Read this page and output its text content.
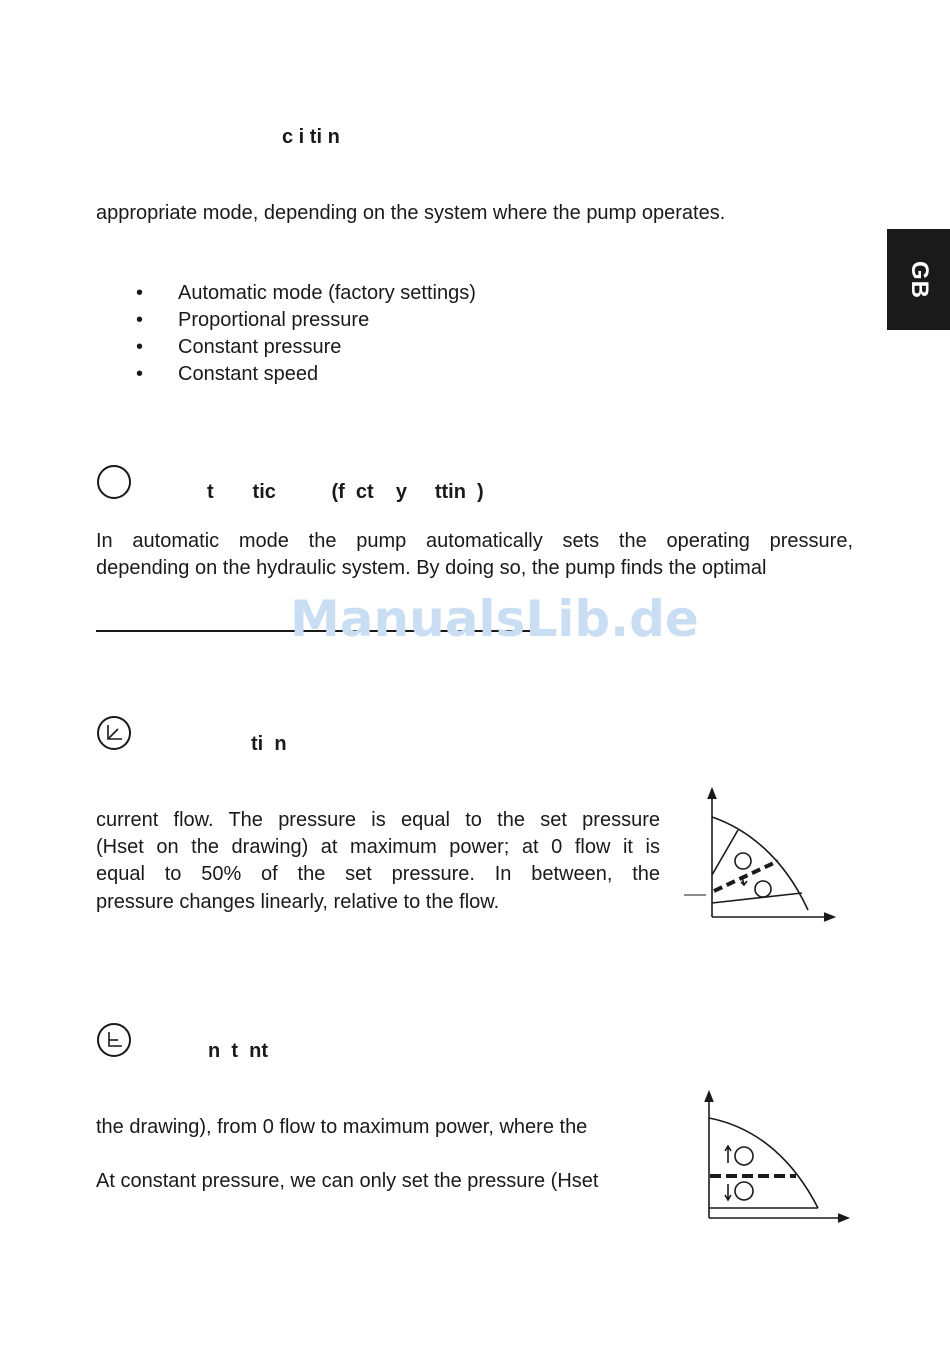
GB
c i ti n
appropriate mode, depending on the system where the pump operates.
• Automatic mode (factory settings)
• Proportional pressure
• Constant pressure
• Constant speed
t       tic          (f  ct    y     ttin  )
In automatic mode the pump automatically sets the operating pressure,
depending on the hydraulic system. By doing so, the pump finds the optimal
ManualsLib.de
ti  n
current flow. The pressure is equal to the set pressure
(Hset on the drawing) at maximum power; at 0 flow it is
equal to 50% of the set pressure. In between, the
pressure changes linearly, relative to the flow.
n  t  nt
the drawing), from 0 flow to maximum power, where the
At constant pressure, we can only set the pressure (Hset
